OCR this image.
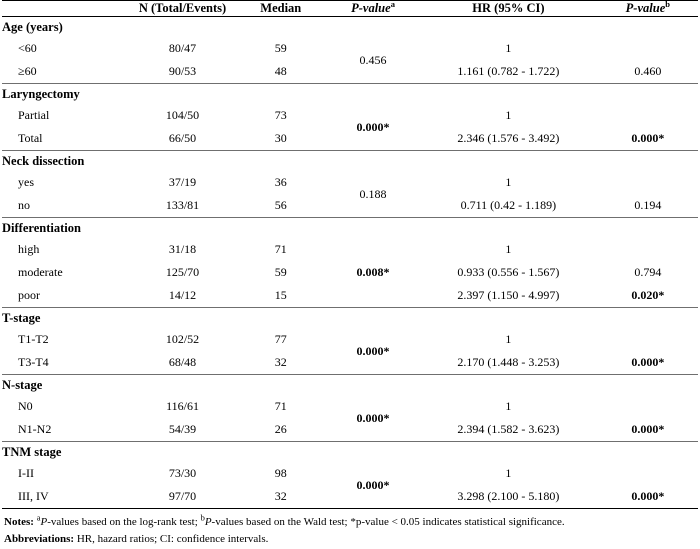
	N (Total/Events)	Median	P-value$^a$	HR (95% CI)	P-value$^b$

Age (years)					
<60	80/47	59	0.456	1	
≥60	90/53	48		1.161 (0.782 - 1.722)	0.460
Laryngectomy					
Partial	104/50	73	0.000*	1	
Total	66/50	30		2.346 (1.576 - 3.492)	0.000*
Neck dissection					
yes	37/19	36	0.188	1	
no	133/81	56		0.711 (0.42 - 1.189)	0.194
Differentiation					
high	31/18	71	0.008*	1	
moderate	125/70	59		0.933 (0.556 - 1.567)	0.794
poor	14/12	15		2.397 (1.150 - 4.997)	0.020*
T-stage					
T1-T2	102/52	77	0.000*	1	
T3-T4	68/48	32		2.170 (1.448 - 3.253)	0.000*
N-stage					
N0	116/61	71	0.000*	1	
N1-N2	54/39	26		2.394 (1.582 - 3.623)	0.000*
TNM stage					
I-II	73/30	98	0.000*	1	
III, IV	97/70	32		3.298 (2.100 - 5.180)	0.000*

Notes: $^a$P-values based on the log-rank test; $^b$P-values based on the Wald test; *p-value < 0.05 indicates statistical significance.
Abbreviations: HR, hazard ratios; CI: confidence intervals.
